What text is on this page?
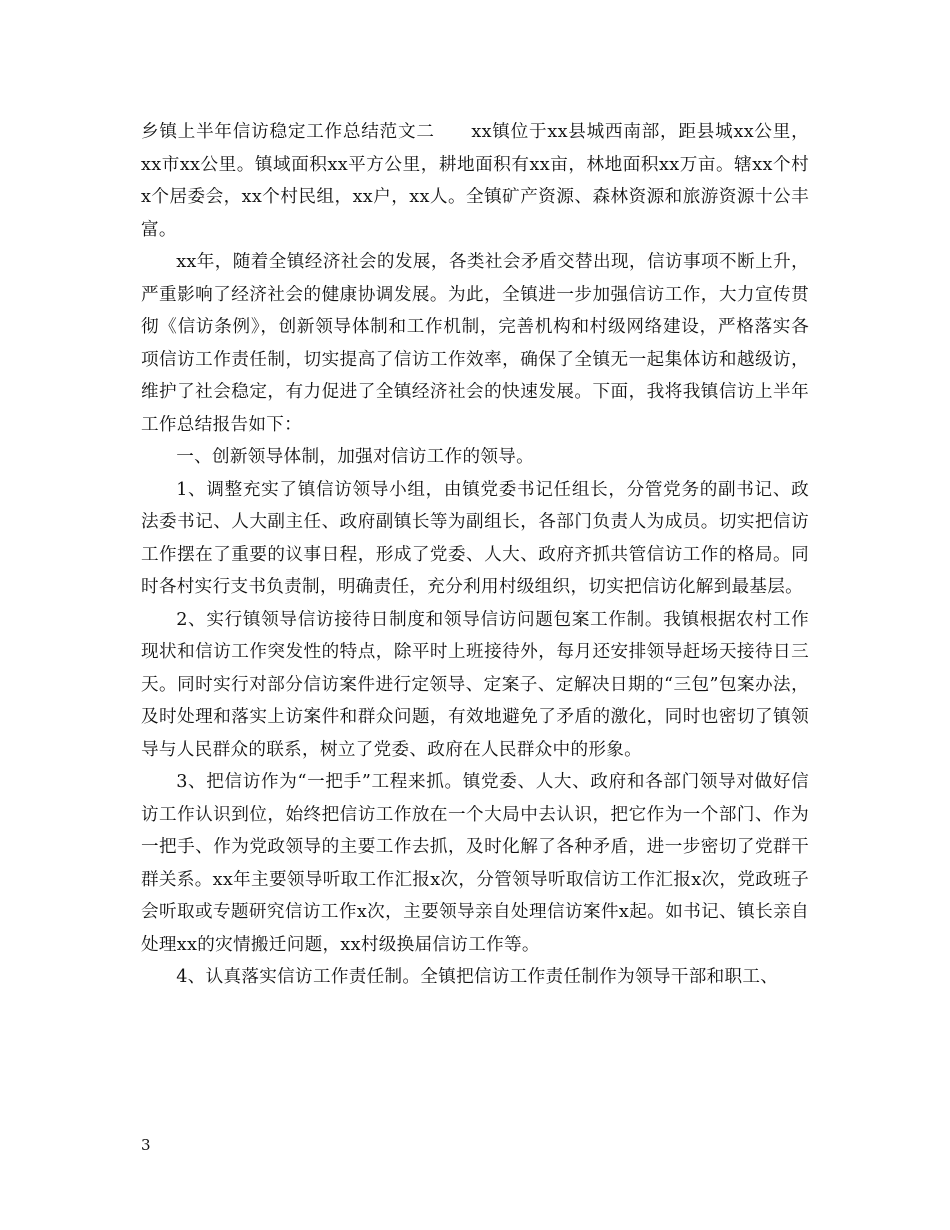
乡镇上半年信访稳定工作总结范文二　　xx镇位于xx县城西南部，距县城xx公里，xx市xx公里。镇域面积xx平方公里，耕地面积有xx亩，林地面积xx万亩。辖xx个村x个居委会，xx个村民组，xx户，xx人。全镇矿产资源、森林资源和旅游资源十公丰富。

xx年，随着全镇经济社会的发展，各类社会矛盾交替出现，信访事项不断上升，严重影响了经济社会的健康协调发展。为此，全镇进一步加强信访工作，大力宣传贯彻《信访条例》，创新领导体制和工作机制，完善机构和村级网络建设，严格落实各项信访工作责任制，切实提高了信访工作效率，确保了全镇无一起集体访和越级访，维护了社会稳定，有力促进了全镇经济社会的快速发展。下面，我将我镇信访上半年工作总结报告如下：

一、创新领导体制，加强对信访工作的领导。

1、调整充实了镇信访领导小组，由镇党委书记任组长，分管党务的副书记、政法委书记、人大副主任、政府副镇长等为副组长，各部门负责人为成员。切实把信访工作摆在了重要的议事日程，形成了党委、人大、政府齐抓共管信访工作的格局。同时各村实行支书负责制，明确责任，充分利用村级组织，切实把信访化解到最基层。

2、实行镇领导信访接待日制度和领导信访问题包案工作制。我镇根据农村工作现状和信访工作突发性的特点，除平时上班接待外，每月还安排领导赶场天接待日三天。同时实行对部分信访案件进行定领导、定案子、定解决日期的“三包”包案办法，及时处理和落实上访案件和群众问题，有效地避免了矛盾的激化，同时也密切了镇领导与人民群众的联系，树立了党委、政府在人民群众中的形象。

3、把信访作为“一把手”工程来抓。镇党委、人大、政府和各部门领导对做好信访工作认识到位，始终把信访工作放在一个大局中去认识，把它作为一个部门、作为一把手、作为党政领导的主要工作去抓，及时化解了各种矛盾，进一步密切了党群干群关系。xx年主要领导听取工作汇报x次，分管领导听取信访工作汇报x次，党政班子会听取或专题研究信访工作x次，主要领导亲自处理信访案件x起。如书记、镇长亲自处理xx的灾情搬迁问题，xx村级换届信访工作等。

4、认真落实信访工作责任制。全镇把信访工作责任制作为领导干部和职工、

3
